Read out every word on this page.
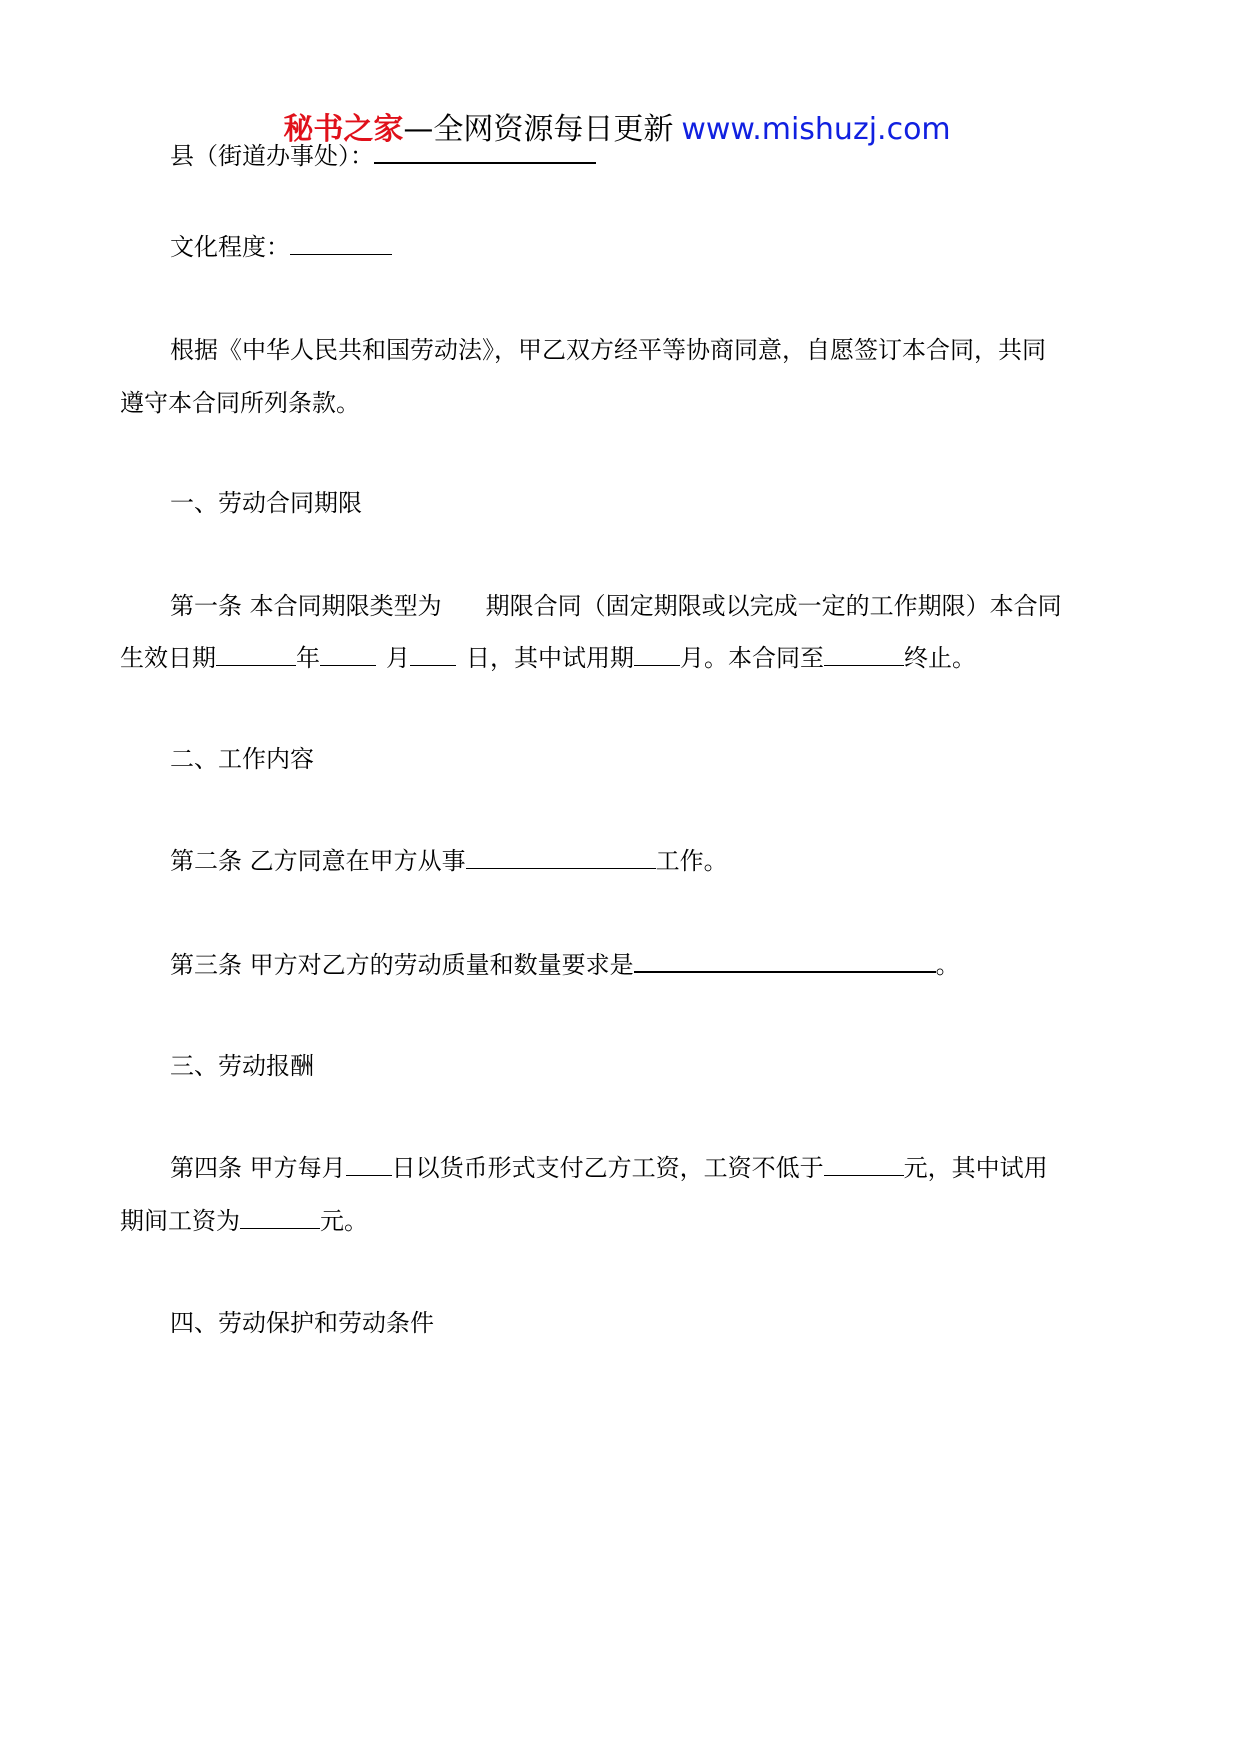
秘书之家—全网资源每日更新 www.mishuzj.com
县（街道办事处）：
文化程度：
根据《中华人民共和国劳动法》，甲乙双方经平等协商同意，自愿签订本合同，共同
遵守本合同所列条款。
一、劳动合同期限
第一条 本合同期限类型为 期限合同（固定期限或以完成一定的工作期限）本合同
生效日期	年	月 日，其中试用期 月。本合同至	终止。
二、工作内容
第二条 乙方同意在甲方从事	工作。
第三条 甲方对乙方的劳动质量和数量要求是	。
三、劳动报酬
第四条 甲方每月 日以货币形式支付乙方工资，工资不低于	元，其中试用
期间工资为	元。
四、劳动保护和劳动条件
